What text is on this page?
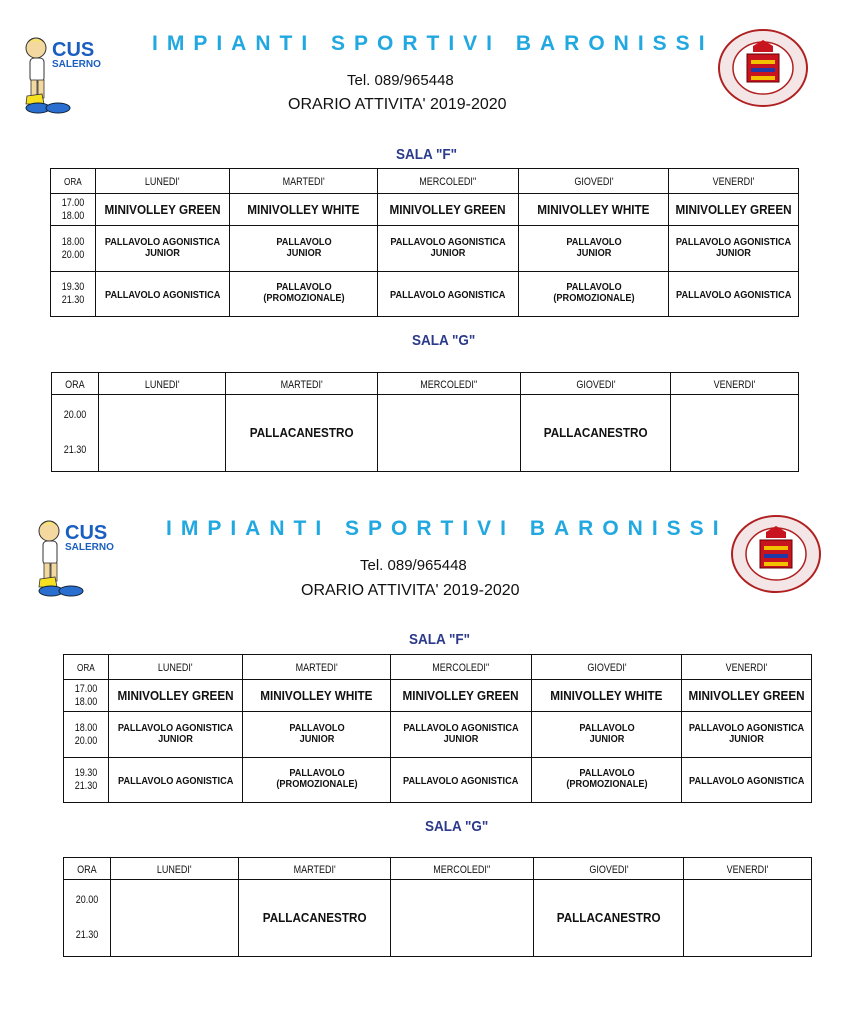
CUS
SALERNO
IMPIANTI SPORTIVI BARONISSI
Tel. 089/965448
ORARIO ATTIVITA' 2019-2020
SALA "F"
ORA	LUNEDI'	MARTEDI'	MERCOLEDI''	GIOVEDI'	VENERDI'

17.00
18.00	MINIVOLLEY GREEN	MINIVOLLEY WHITE	MINIVOLLEY GREEN	MINIVOLLEY WHITE	MINIVOLLEY GREEN

18.00
20.00	PALLAVOLO AGONISTICA JUNIOR	PALLAVOLO JUNIOR	PALLAVOLO AGONISTICA JUNIOR	PALLAVOLO JUNIOR	PALLAVOLO AGONISTICA JUNIOR

19.30
21.30	PALLAVOLO AGONISTICA	PALLAVOLO (PROMOZIONALE)	PALLAVOLO AGONISTICA	PALLAVOLO (PROMOZIONALE)	PALLAVOLO AGONISTICA
SALA "G"
ORA	LUNEDI'	MARTEDI'	MERCOLEDI''	GIOVEDI'	VENERDI'

20.00
21.30		PALLACANESTRO		PALLACANESTRO	
CUS
SALERNO
IMPIANTI SPORTIVI BARONISSI
Tel. 089/965448
ORARIO ATTIVITA' 2019-2020
SALA "F"
ORA	LUNEDI'	MARTEDI'	MERCOLEDI''	GIOVEDI'	VENERDI'

17.00
18.00	MINIVOLLEY GREEN	MINIVOLLEY WHITE	MINIVOLLEY GREEN	MINIVOLLEY WHITE	MINIVOLLEY GREEN

18.00
20.00	PALLAVOLO AGONISTICA JUNIOR	PALLAVOLO JUNIOR	PALLAVOLO AGONISTICA JUNIOR	PALLAVOLO JUNIOR	PALLAVOLO AGONISTICA JUNIOR

19.30
21.30	PALLAVOLO AGONISTICA	PALLAVOLO (PROMOZIONALE)	PALLAVOLO AGONISTICA	PALLAVOLO (PROMOZIONALE)	PALLAVOLO AGONISTICA
SALA "G"
ORA	LUNEDI'	MARTEDI'	MERCOLEDI''	GIOVEDI'	VENERDI'

20.00
21.30		PALLACANESTRO		PALLACANESTRO	
